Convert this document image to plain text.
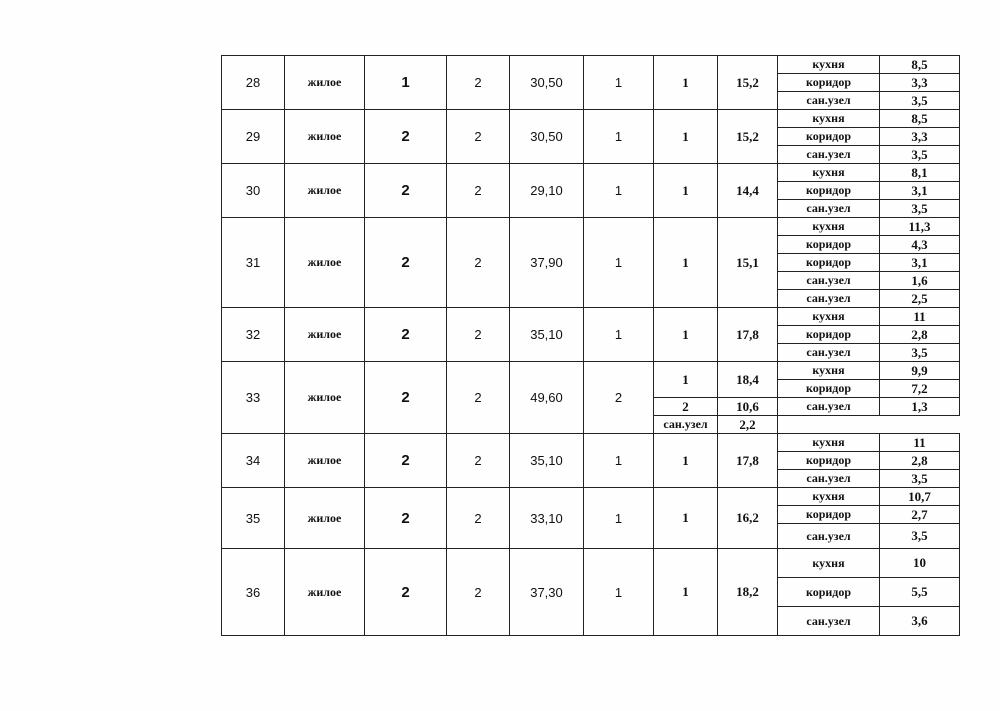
28	жилое	1	2	30,50	1	1	15,2	кухня	8,5
								коридор	3,3
								сан.узел	3,5
29	жилое	2	2	30,50	1	1	15,2	кухня	8,5
								коридор	3,3
								сан.узел	3,5
30	жилое	2	2	29,10	1	1	14,4	кухня	8,1
								коридор	3,1
								сан.узел	3,5
31	жилое	2	2	37,90	1	1	15,1	кухня	11,3
								коридор	4,3
								коридор	3,1
								сан.узел	1,6
								сан.узел	2,5
32	жилое	2	2	35,10	1	1	17,8	кухня	11
								коридор	2,8
								сан.узел	3,5
33	жилое	2	2	49,60	2	1	18,4	кухня	9,9
								коридор	7,2
						2	10,6	сан.узел	1,3
						сан.узел	2,2		
34	жилое	2	2	35,10	1	1	17,8	кухня	11
								коридор	2,8
								сан.узел	3,5
35	жилое	2	2	33,10	1	1	16,2	кухня	10,7
								коридор	2,7
								сан.узел	3,5
36	жилое	2	2	37,30	1	1	18,2	кухня	10
								коридор	5,5
								сан.узел	3,6
